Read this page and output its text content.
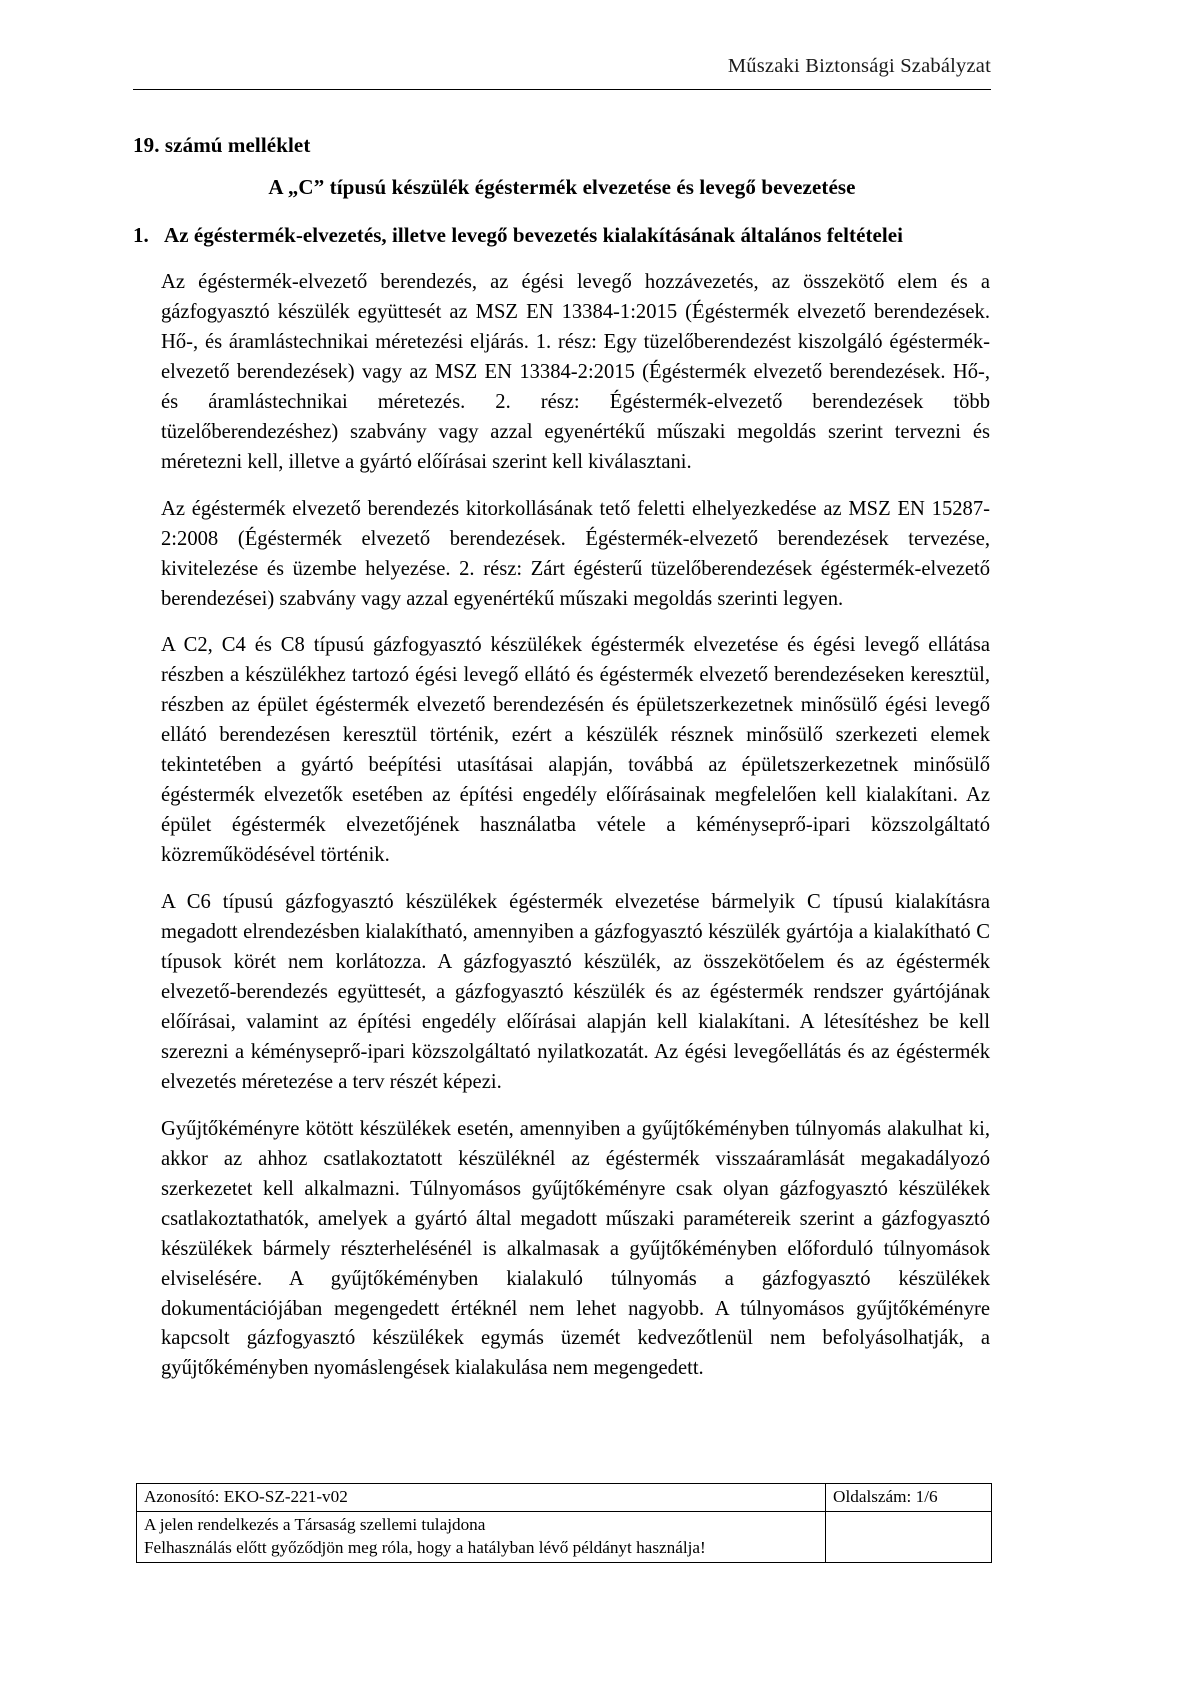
Műszaki Biztonsági Szabályzat
19. számú melléklet
A „C” típusú készülék égéstermék elvezetése és levegő bevezetése
1. Az égéstermék-elvezetés, illetve levegő bevezetés kialakításának általános feltételei

Az égéstermék-elvezető berendezés, az égési levegő hozzávezetés, az összekötő elem és a gázfogyasztó készülék együttesét az MSZ EN 13384-1:2015 (Égéstermék elvezető berendezések. Hő-, és áramlástechnikai méretezési eljárás. 1. rész: Egy tüzelőberendezést kiszolgáló égéstermék-elvezető berendezések) vagy az MSZ EN 13384-2:2015 (Égéstermék elvezető berendezések. Hő-, és áramlástechnikai méretezés. 2. rész: Égéstermék-elvezető berendezések több tüzelőberendezéshez) szabvány vagy azzal egyenértékű műszaki megoldás szerint tervezni és méretezni kell, illetve a gyártó előírásai szerint kell kiválasztani.

Az égéstermék elvezető berendezés kitorkollásának tető feletti elhelyezkedése az MSZ EN 15287-2:2008 (Égéstermék elvezető berendezések. Égéstermék-elvezető berendezések tervezése, kivitelezése és üzembe helyezése. 2. rész: Zárt égésterű tüzelőberendezések égéstermék-elvezető berendezései) szabvány vagy azzal egyenértékű műszaki megoldás szerinti legyen.

A C2, C4 és C8 típusú gázfogyasztó készülékek égéstermék elvezetése és égési levegő ellátása részben a készülékhez tartozó égési levegő ellátó és égéstermék elvezető berendezéseken keresztül, részben az épület égéstermék elvezető berendezésén és épületszerkezetnek minősülő égési levegő ellátó berendezésen keresztül történik, ezért a készülék résznek minősülő szerkezeti elemek tekintetében a gyártó beépítési utasításai alapján, továbbá az épületszerkezetnek minősülő égéstermék elvezetők esetében az építési engedély előírásainak megfelelően kell kialakítani. Az épület égéstermék elvezetőjének használatba vétele a kéményseprő-ipari közszolgáltató közreműködésével történik.

A C6 típusú gázfogyasztó készülékek égéstermék elvezetése bármelyik C típusú kialakításra megadott elrendezésben kialakítható, amennyiben a gázfogyasztó készülék gyártója a kialakítható C típusok körét nem korlátozza. A gázfogyasztó készülék, az összekötőelem és az égéstermék elvezető-berendezés együttesét, a gázfogyasztó készülék és az égéstermék rendszer gyártójának előírásai, valamint az építési engedély előírásai alapján kell kialakítani. A létesítéshez be kell szerezni a kéményseprő-ipari közszolgáltató nyilatkozatát. Az égési levegőellátás és az égéstermék elvezetés méretezése a terv részét képezi.

Gyűjtőkéményre kötött készülékek esetén, amennyiben a gyűjtőkéményben túlnyomás alakulhat ki, akkor az ahhoz csatlakoztatott készüléknél az égéstermék visszaáramlását megakadályozó szerkezetet kell alkalmazni. Túlnyomásos gyűjtőkéményre csak olyan gázfogyasztó készülékek csatlakoztathatók, amelyek a gyártó által megadott műszaki paramétereik szerint a gázfogyasztó készülékek bármely részterhelésénél is alkalmasak a gyűjtőkéményben előforduló túlnyomások elviselésére. A gyűjtőkéményben kialakuló túlnyomás a gázfogyasztó készülékek dokumentációjában megengedett értéknél nem lehet nagyobb. A túlnyomásos gyűjtőkéményre kapcsolt gázfogyasztó készülékek egymás üzemét kedvezőtlenül nem befolyásolhatják, a gyűjtőkéményben nyomáslengések kialakulása nem megengedett.

Azonosító: EKO-SZ-221-v02	Oldalszám: 1/6

A jelen rendelkezés a Társaság szellemi tulajdona
Felhasználás előtt győződjön meg róla, hogy a hatályban lévő példányt használja!	
